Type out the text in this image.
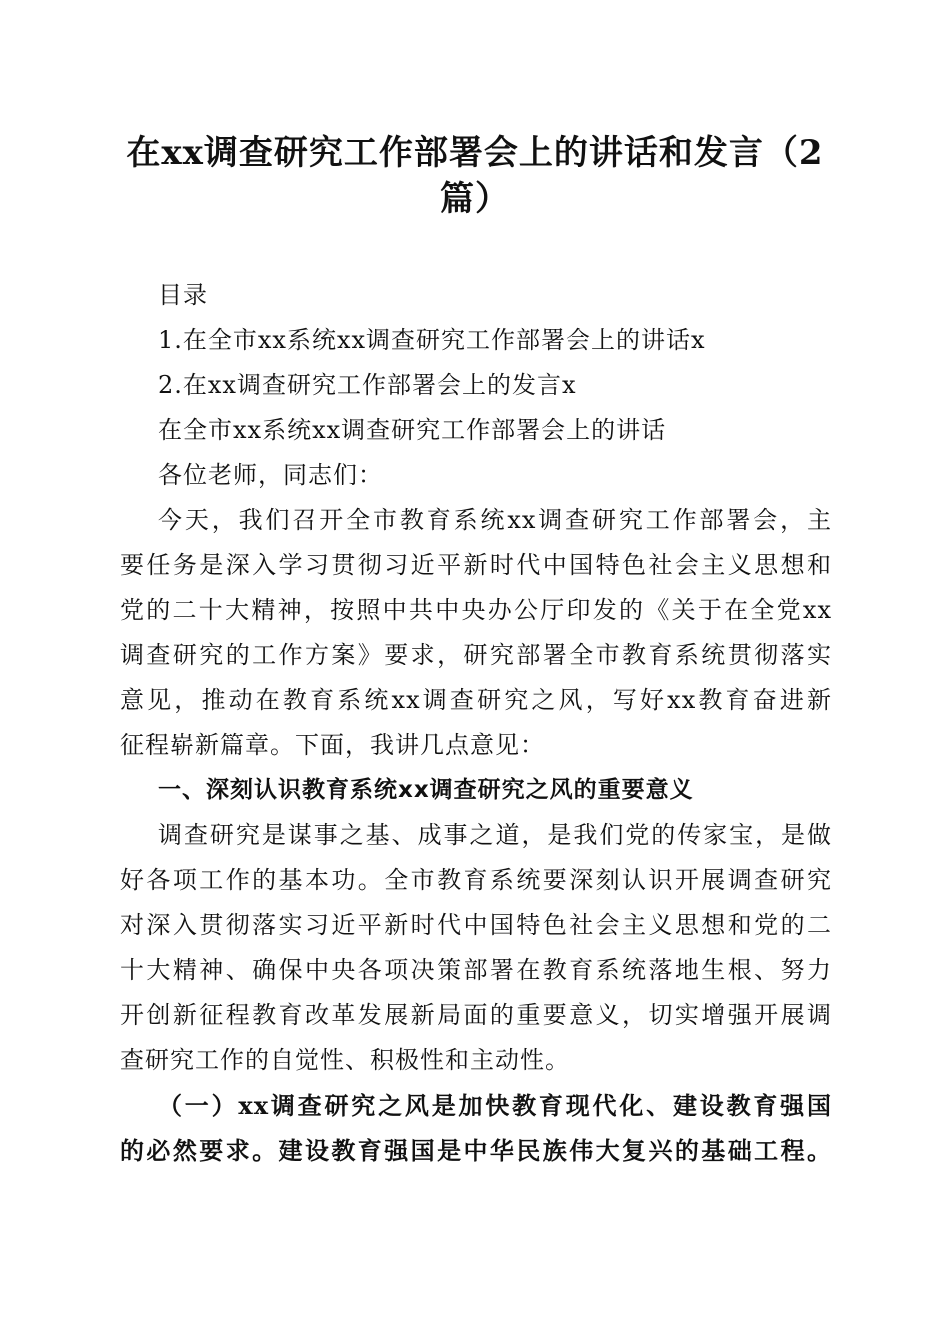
在xx调查研究工作部署会上的讲话和发言（2篇）
目录
1.在全市xx系统xx调查研究工作部署会上的讲话x
2.在xx调查研究工作部署会上的发言x
在全市xx系统xx调查研究工作部署会上的讲话
各位老师，同志们：
今天，我们召开全市教育系统xx调查研究工作部署会，主
要任务是深入学习贯彻习近平新时代中国特色社会主义思想和
党的二十大精神，按照中共中央办公厅印发的《关于在全党xx
调查研究的工作方案》要求，研究部署全市教育系统贯彻落实
意见，推动在教育系统xx调查研究之风，写好xx教育奋进新
征程崭新篇章。下面，我讲几点意见：
一、深刻认识教育系统xx调查研究之风的重要意义
调查研究是谋事之基、成事之道，是我们党的传家宝，是做
好各项工作的基本功。全市教育系统要深刻认识开展调查研究
对深入贯彻落实习近平新时代中国特色社会主义思想和党的二
十大精神、确保中央各项决策部署在教育系统落地生根、努力
开创新征程教育改革发展新局面的重要意义，切实增强开展调
查研究工作的自觉性、积极性和主动性。
（一）xx调查研究之风是加快教育现代化、建设教育强国
的必然要求。建设教育强国是中华民族伟大复兴的基础工程。
